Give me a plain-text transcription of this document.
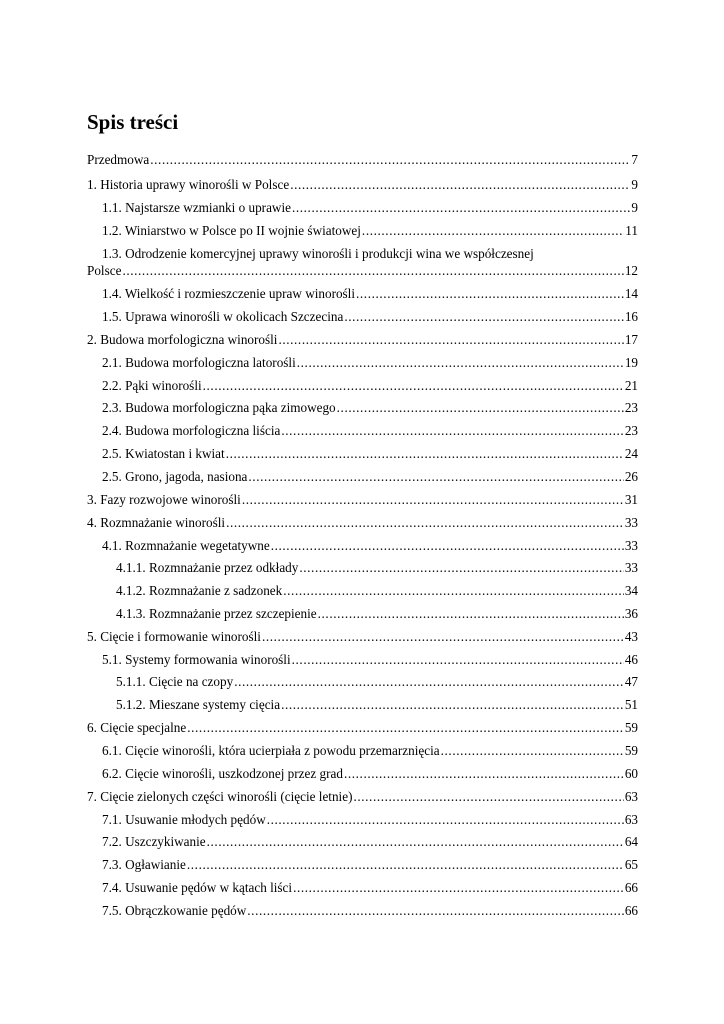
Spis treści
Przedmowa .....	7
1. Historia uprawy winorośli w Polsce .....	9
1.1. Najstarsze wzmianki o uprawie .....	9
1.2. Winiarstwo w Polsce po II wojnie światowej .....	11
1.3. Odrodzenie komercyjnej uprawy winorośli i produkcji wina we współczesnej
Polsce .....	12
1.4. Wielkość i rozmieszczenie upraw winorośli .....	14
1.5. Uprawa winorośli w okolicach Szczecina .....	16
2. Budowa morfologiczna winorośli .....	17
2.1. Budowa morfologiczna latorośli .....	19
2.2. Pąki winorośli .....	21
2.3. Budowa morfologiczna pąka zimowego .....	23
2.4. Budowa morfologiczna liścia .....	23
2.5. Kwiatostan i kwiat .....	24
2.5. Grono, jagoda, nasiona .....	26
3. Fazy rozwojowe winorośli .....	31
4. Rozmnażanie winorośli .....	33
4.1. Rozmnażanie wegetatywne .....	33
4.1.1. Rozmnażanie przez odkłady .....	33
4.1.2. Rozmnażanie z sadzonek .....	34
4.1.3. Rozmnażanie przez szczepienie .....	36
5. Cięcie i formowanie winorośli .....	43
5.1. Systemy formowania winorośli .....	46
5.1.1. Cięcie na czopy .....	47
5.1.2. Mieszane systemy cięcia .....	51
6. Cięcie specjalne .....	59
6.1. Cięcie winorośli, która ucierpiała z powodu przemarznięcia .....	59
6.2. Cięcie winorośli, uszkodzonej przez grad .....	60
7. Cięcie zielonych części winorośli (cięcie letnie) .....	63
7.1. Usuwanie młodych pędów .....	63
7.2. Uszczykiwanie .....	64
7.3. Ogławianie .....	65
7.4. Usuwanie pędów w kątach liści .....	66
7.5. Obrączkowanie pędów .....	66
